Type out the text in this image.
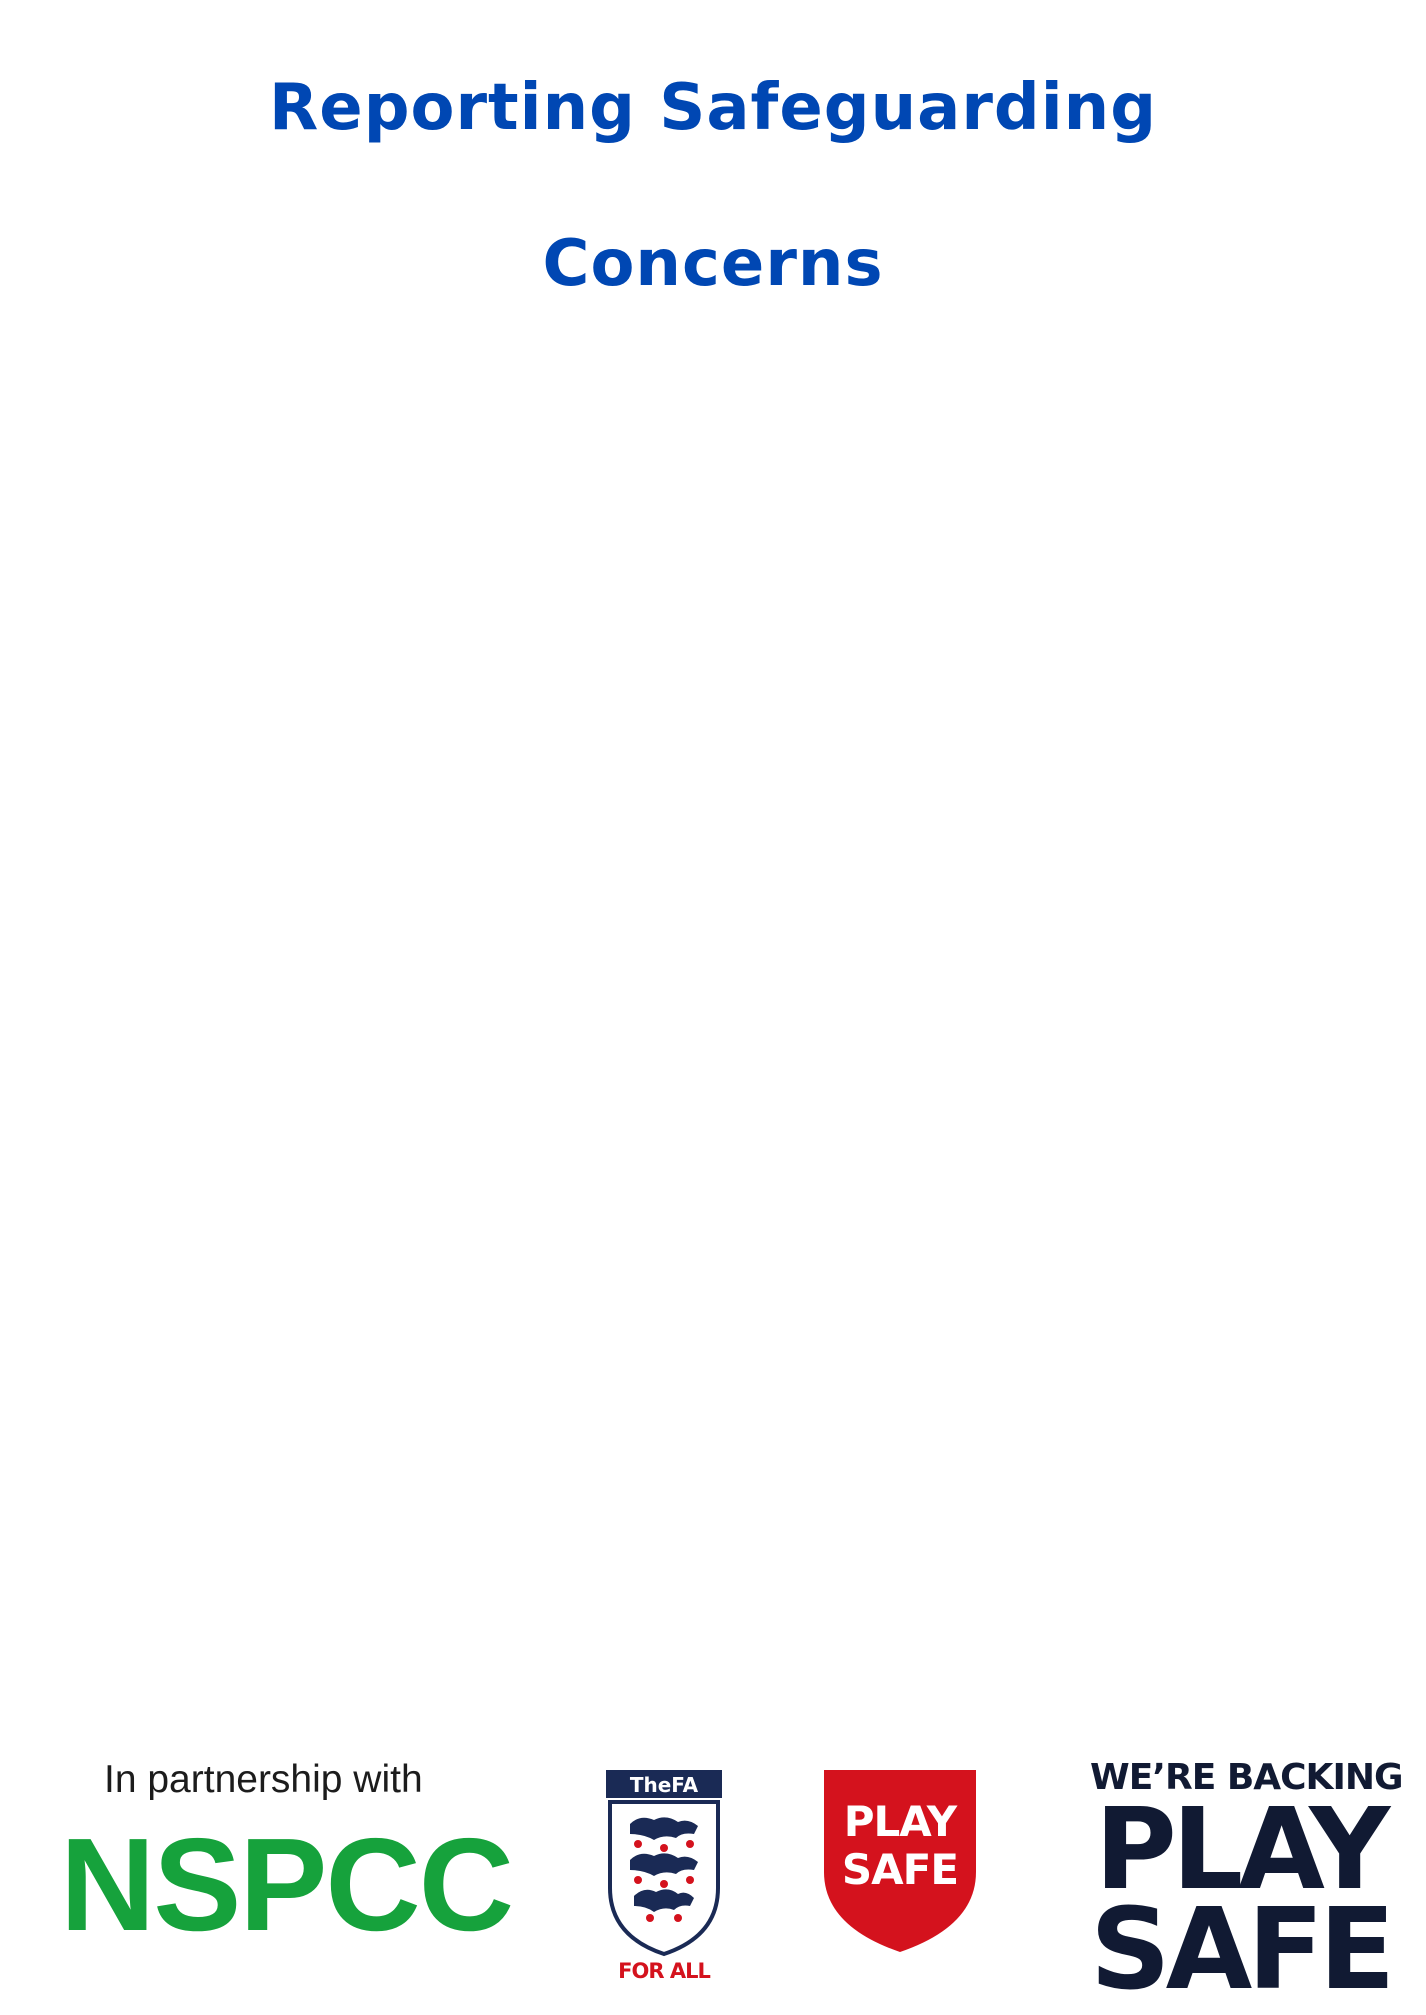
Reporting Safeguarding
Concerns
In partnership with
NSPCC
TheFA
FOR ALL
PLAY
SAFE
WE’RE BACKING
PLAY
SAFE
